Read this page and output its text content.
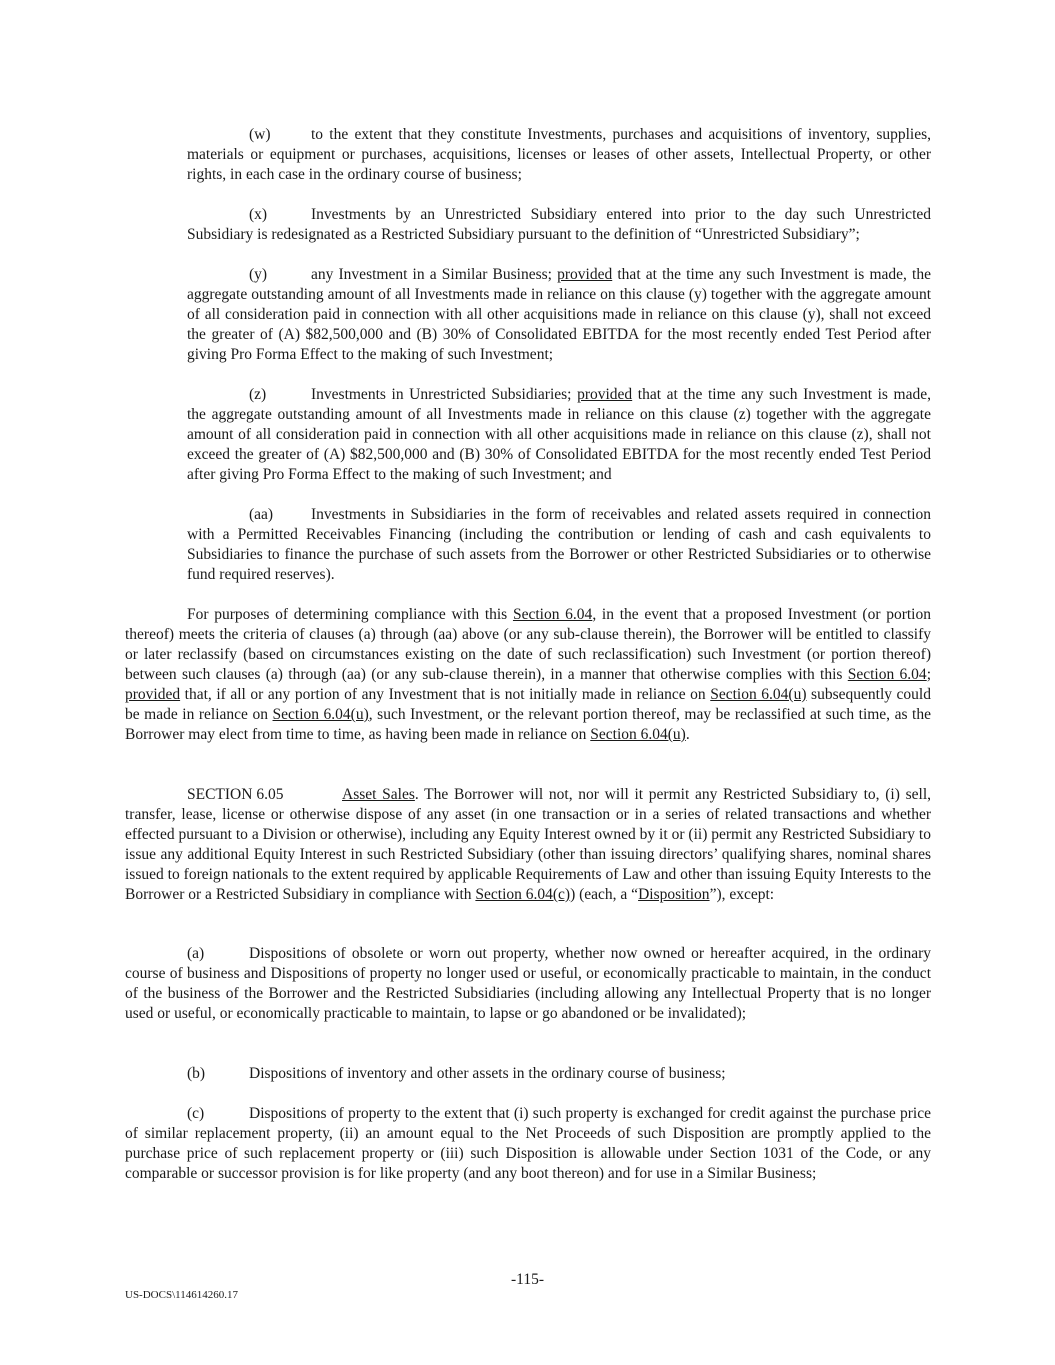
(w)	to the extent that they constitute Investments, purchases and acquisitions of inventory, supplies, materials or equipment or purchases, acquisitions, licenses or leases of other assets, Intellectual Property, or other rights, in each case in the ordinary course of business;

(x)	Investments by an Unrestricted Subsidiary entered into prior to the day such Unrestricted Subsidiary is redesignated as a Restricted Subsidiary pursuant to the definition of “Unrestricted Subsidiary”;

(y)	any Investment in a Similar Business; provided that at the time any such Investment is made, the aggregate outstanding amount of all Investments made in reliance on this clause (y) together with the aggregate amount of all consideration paid in connection with all other acquisitions made in reliance on this clause (y), shall not exceed the greater of (A) $82,500,000 and (B) 30% of Consolidated EBITDA for the most recently ended Test Period after giving Pro Forma Effect to the making of such Investment;

(z)	Investments in Unrestricted Subsidiaries; provided that at the time any such Investment is made, the aggregate outstanding amount of all Investments made in reliance on this clause (z) together with the aggregate amount of all consideration paid in connection with all other acquisitions made in reliance on this clause (z), shall not exceed the greater of (A) $82,500,000 and (B) 30% of Consolidated EBITDA for the most recently ended Test Period after giving Pro Forma Effect to the making of such Investment; and

(aa) Investments in Subsidiaries in the form of receivables and related assets required in connection with a Permitted Receivables Financing (including the contribution or lending of cash and cash equivalents to Subsidiaries to finance the purchase of such assets from the Borrower or other Restricted Subsidiaries or to otherwise fund required reserves).

For purposes of determining compliance with this Section 6.04, in the event that a proposed Investment (or portion thereof) meets the criteria of clauses (a) through (aa) above (or any sub-clause therein), the Borrower will be entitled to classify or later reclassify (based on circumstances existing on the date of such reclassification) such Investment (or portion thereof) between such clauses (a) through (aa) (or any sub-clause therein), in a manner that otherwise complies with this Section 6.04; provided that, if all or any portion of any Investment that is not initially made in reliance on Section 6.04(u) subsequently could be made in reliance on Section 6.04(u), such Investment, or the relevant portion thereof, may be reclassified at such time, as the Borrower may elect from time to time, as having been made in reliance on Section 6.04(u).

SECTION 6.05	Asset Sales. The Borrower will not, nor will it permit any Restricted Subsidiary to, (i) sell, transfer, lease, license or otherwise dispose of any asset (in one transaction or in a series of related transactions and whether effected pursuant to a Division or otherwise), including any Equity Interest owned by it or (ii) permit any Restricted Subsidiary to issue any additional Equity Interest in such Restricted Subsidiary (other than issuing directors’ qualifying shares, nominal shares issued to foreign nationals to the extent required by applicable Requirements of Law and other than issuing Equity Interests to the Borrower or a Restricted Subsidiary in compliance with Section 6.04(c)) (each, a “Disposition”), except:

(a)	Dispositions of obsolete or worn out property, whether now owned or hereafter acquired, in the ordinary course of business and Dispositions of property no longer used or useful, or economically practicable to maintain, in the conduct of the business of the Borrower and the Restricted Subsidiaries (including allowing any Intellectual Property that is no longer used or useful, or economically practicable to maintain, to lapse or go abandoned or be invalidated);

(b)	Dispositions of inventory and other assets in the ordinary course of business;

(c)	Dispositions of property to the extent that (i) such property is exchanged for credit against the purchase price of similar replacement property, (ii) an amount equal to the Net Proceeds of such Disposition are promptly applied to the purchase price of such replacement property or (iii) such Disposition is allowable under Section 1031 of the Code, or any comparable or successor provision is for like property (and any boot thereon) and for use in a Similar Business;

-115-
US-DOCS\114614260.17
